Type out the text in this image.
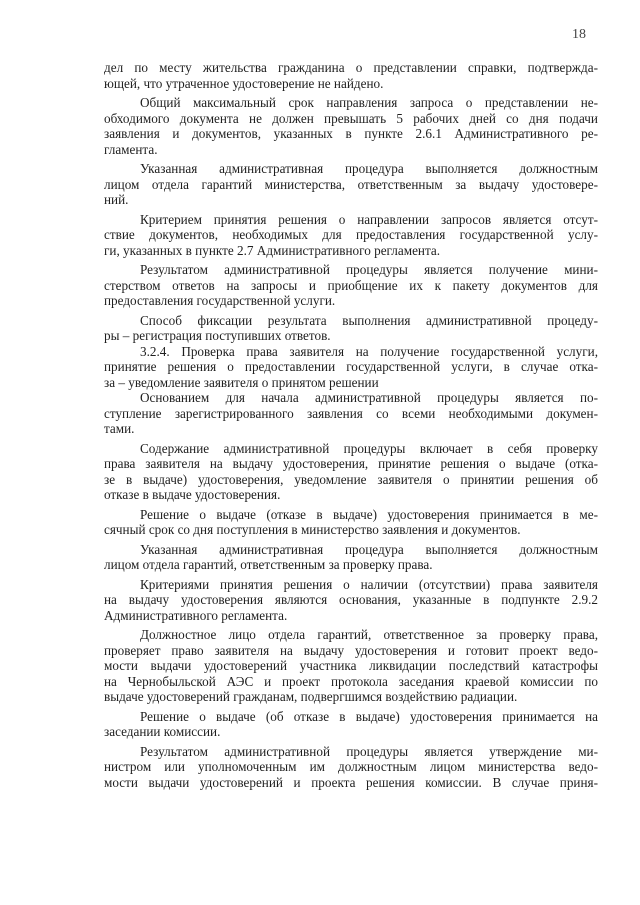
18
дел по месту жительства гражданина о представлении справки, подтвержда-
ющей, что утраченное удостоверение не найдено.
Общий максимальный срок направления запроса о представлении не-
обходимого документа не должен превышать 5 рабочих дней со дня подачи
заявления и документов, указанных в пункте 2.6.1 Административного ре-
гламента.
Указанная административная процедура выполняется должностным
лицом отдела гарантий министерства, ответственным за выдачу удостовере-
ний.
Критерием принятия решения о направлении запросов является отсут-
ствие документов, необходимых для предоставления государственной услу-
ги, указанных в пункте 2.7 Административного регламента.
Результатом административной процедуры является получение мини-
стерством ответов на запросы и приобщение их к пакету документов для
предоставления государственной услуги.
Способ фиксации результата выполнения административной процеду-
ры – регистрация поступивших ответов.
3.2.4. Проверка права заявителя на получение государственной услуги,
принятие решения о предоставлении государственной услуги, в случае отка-
за – уведомление заявителя о принятом решении
Основанием для начала административной процедуры является по-
ступление зарегистрированного заявления со всеми необходимыми докумен-
тами.
Содержание административной процедуры включает в себя проверку
права заявителя на выдачу удостоверения, принятие решения о выдаче (отка-
зе в выдаче) удостоверения, уведомление заявителя о принятии решения об
отказе в выдаче удостоверения.
Решение о выдаче (отказе в выдаче) удостоверения принимается в ме-
сячный срок со дня поступления в министерство заявления и документов.
Указанная административная процедура выполняется должностным
лицом отдела гарантий, ответственным за проверку права.
Критериями принятия решения о наличии (отсутствии) права заявителя
на выдачу удостоверения являются основания, указанные в подпункте 2.9.2
Административного регламента.
Должностное лицо отдела гарантий, ответственное за проверку права,
проверяет право заявителя на выдачу удостоверения и готовит проект ведо-
мости выдачи удостоверений участника ликвидации последствий катастрофы
на Чернобыльской АЭС и проект протокола заседания краевой комиссии по
выдаче удостоверений гражданам, подвергшимся воздействию радиации.
Решение о выдаче (об отказе в выдаче) удостоверения принимается на
заседании комиссии.
Результатом административной процедуры является утверждение ми-
нистром или уполномоченным им должностным лицом министерства ведо-
мости выдачи удостоверений и проекта решения комиссии. В случае приня-
